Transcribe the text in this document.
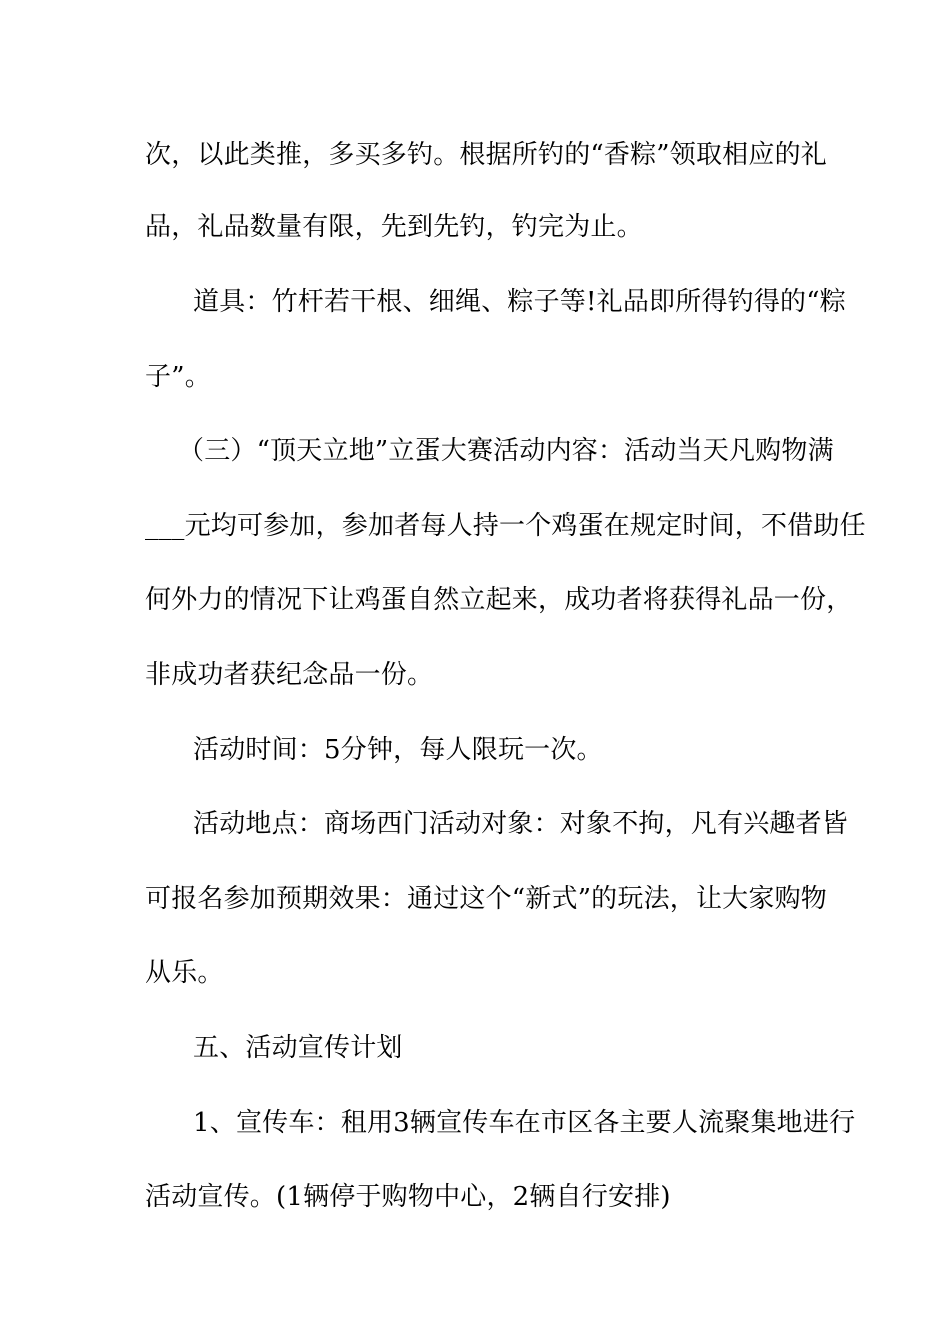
次，以此类推，多买多钓。根据所钓的“香粽”领取相应的礼
品，礼品数量有限，先到先钓，钓完为止。
道具：竹杆若干根、细绳、粽子等!礼品即所得钓得的“粽
子”。
（三）“顶天立地”立蛋大赛活动内容：活动当天凡购物满
___元均可参加，参加者每人持一个鸡蛋在规定时间，不借助任
何外力的情况下让鸡蛋自然立起来，成功者将获得礼品一份，
非成功者获纪念品一份。
活动时间：5分钟，每人限玩一次。
活动地点：商场西门活动对象：对象不拘，凡有兴趣者皆
可报名参加预期效果：通过这个“新式”的玩法，让大家购物
从乐。
五、活动宣传计划
1、宣传车：租用3辆宣传车在市区各主要人流聚集地进行
活动宣传。(1辆停于购物中心，2辆自行安排)
